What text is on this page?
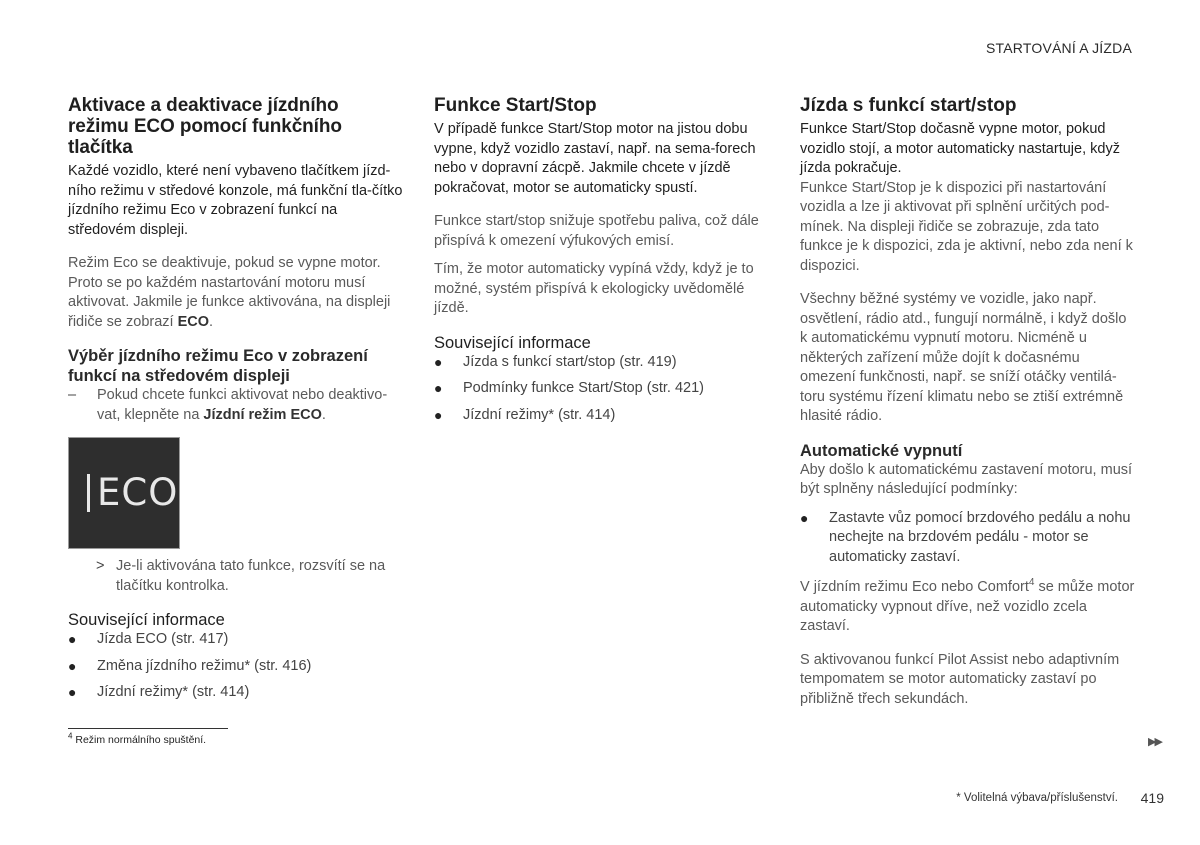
STARTOVÁNÍ A JÍZDA
Aktivace a deaktivace jízdního režimu ECO pomocí funkčního tlačítka

Každé vozidlo, které není vybaveno tlačítkem jízd-ního režimu v středové konzole, má funkční tla-čítko jízdního režimu Eco v zobrazení funkcí na středovém displeji.

Režim Eco se deaktivuje, pokud se vypne motor. Proto se po každém nastartování motoru musí aktivovat. Jakmile je funkce aktivována, na displeji řidiče se zobrazí ECO.

Výběr jízdního režimu Eco v zobrazení funkcí na středovém displeji

– Pokud chcete funkci aktivovat nebo deaktivo-vat, klepněte na Jízdní režim ECO.

ECO

> Je-li aktivována tato funkce, rozsvítí se na tlačítku kontrolka.

Související informace
● Jízda ECO (str. 417)
● Změna jízdního režimu* (str. 416)
● Jízdní režimy* (str. 414)
Funkce Start/Stop

V případě funkce Start/Stop motor na jistou dobu vypne, když vozidlo zastaví, např. na sema-forech nebo v dopravní zácpě. Jakmile chcete v jízdě pokračovat, motor se automaticky spustí.

Funkce start/stop snižuje spotřebu paliva, což dále přispívá k omezení výfukových emisí.

Tím, že motor automaticky vypíná vždy, když je to možné, systém přispívá k ekologicky uvědomělé jízdě.

Související informace
● Jízda s funkcí start/stop (str. 419)
● Podmínky funkce Start/Stop (str. 421)
● Jízdní režimy* (str. 414)
Jízda s funkcí start/stop

Funkce Start/Stop dočasně vypne motor, pokud vozidlo stojí, a motor automaticky nastartuje, když jízda pokračuje.

Funkce Start/Stop je k dispozici při nastartování vozidla a lze ji aktivovat při splnění určitých pod-mínek. Na displeji řidiče se zobrazuje, zda tato funkce je k dispozici, zda je aktivní, nebo zda není k dispozici.

Všechny běžné systémy ve vozidle, jako např. osvětlení, rádio atd., fungují normálně, i když došlo k automatickému vypnutí motoru. Nicméně u některých zařízení může dojít k dočasnému omezení funkčnosti, např. se sníží otáčky ventilá-toru systému řízení klimatu nebo se ztiší extrémně hlasité rádio.

Automatické vypnutí

Aby došlo k automatickému zastavení motoru, musí být splněny následující podmínky:

● Zastavte vůz pomocí brzdového pedálu a nohu nechejte na brzdovém pedálu - motor se automaticky zastaví.

V jízdním režimu Eco nebo Comfort$^4$ se může motor automaticky vypnout dříve, než vozidlo zcela zastaví.

S aktivovanou funkcí Pilot Assist nebo adaptivním tempomatem se motor automaticky zastaví po přibližně třech sekundách.

$^4$ Režim normálního spuštění.	▶▶
* Volitelná výbava/příslušenství. 419
